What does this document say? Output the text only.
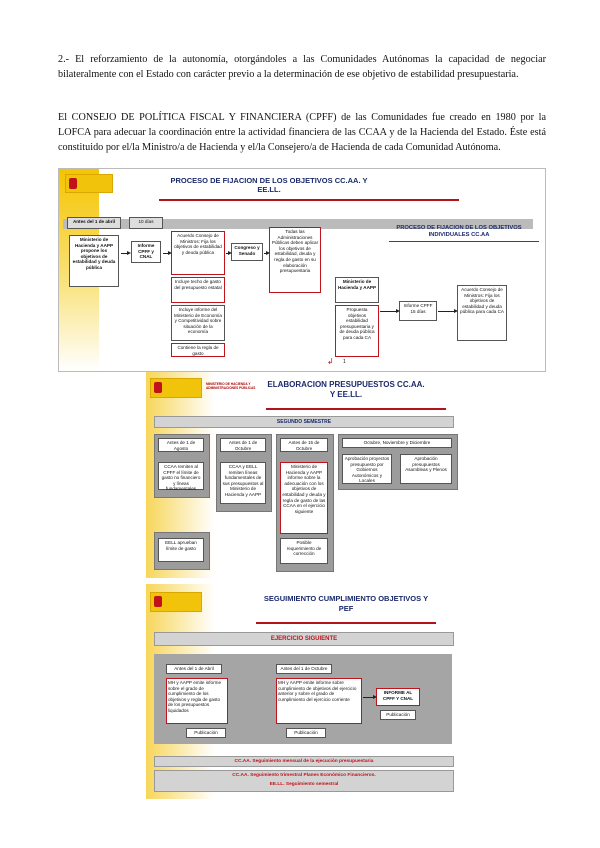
2.- El reforzamiento de la autonomía, otorgándoles a las Comunidades Autónomas la capacidad de negociar bilateralmente con el Estado con carácter previo a la determinación de ese objetivo de estabilidad presupuestaria.

El CONSEJO DE POLÍTICA FISCAL Y FINANCIERA (CPFF) de las Comunidades fue creado en 1980 por la LOFCA para adecuar la coordinación entre la actividad financiera de las CCAA y de la Hacienda del Estado. Éste está constituido por el/la Ministro/a de Hacienda y el/la Consejero/a de Hacienda de cada Comunidad Autónoma.

PROCESO DE FIJACION DE LOS OBJETIVOS CC.AA. Y EE.LL.
Antes del 1 de abril
Ministerio de Hacienda y AAPP propone los objetivos de estabilidad y deuda pública
10 días
Informe CPFF y CNAL
Acuerdo Consejo de Ministros: Fija los objetivos de estabilidad y deuda pública
Incluye techo de gasto del presupuesto estatal
Incluye informe del Ministerio de Economía y Competitividad sobre situación de la economía
Contiene la regla de gasto
Congreso y Senado
Todas las Administraciones Públicas deben aplicar los objetivos de estabilidad, deuda y regla de gasto en su elaboración presupuestaria
PROCESO DE FIJACION DE LOS OBJETIVOS INDIVIDUALES CC.AA
Ministerio de Hacienda y AAPP
Propuesta objetivos estabilidad presupuestaria y de deuda pública para cada CA
Informe CPFF 15 días
Acuerdo Consejo de Ministros: Fija los objetivos de estabilidad y deuda pública para cada CA
↲ 1
MINISTERIO DE HACIENDA Y ADMINISTRACIONES PÚBLICAS ELABORACION PRESUPUESTOS CC.AA. Y EE.LL.
SEGUNDO SEMESTRE
Antes de 1 de Agosto
CCAA remiten al CPFF el límite de gasto no financiero y líneas fundamentales
Antes de 1 de Octubre
CCAA y EELL remiten líneas fundamentales de sus presupuestos al Ministerio de Hacienda y AAPP
Antes de 15 de Octubre
Ministerio de Hacienda y AAPP informe sobre la adecuación con los objetivos de estabilidad y deuda y regla de gasto de las CCAA en el ejercicio siguiente
Posible requerimiento de corrección
Octubre, Noviembre y Diciembre
Aprobación proyectos presupuesto por Gobiernos Autonómicos y Locales
Aprobación presupuestos Asambleas y Plenos
EELL aprueban límite de gasto
SEGUIMIENTO CUMPLIMIENTO OBJETIVOS Y PEF
EJERCICIO SIGUIENTE
Antes del 1 de Abril
MH y AAPP emite informe sobre el grado de cumplimiento de los objetivos y regla de gasto de los presupuestos liquidados
Publicación
Antes del 1 de Octubre
MH y AAPP emite informe sobre cumplimiento de objetivos del ejercicio anterior y sobre el grado de cumplimiento del ejercicio corriente
Publicación
INFORME AL CPFF Y CNAL
Publicación
CC.AA. Seguimiento mensual de la ejecución presupuestaria
CC.AA. Seguimiento trimestral Planes Económico Financieros.
EE.LL. Seguimiento semestral
